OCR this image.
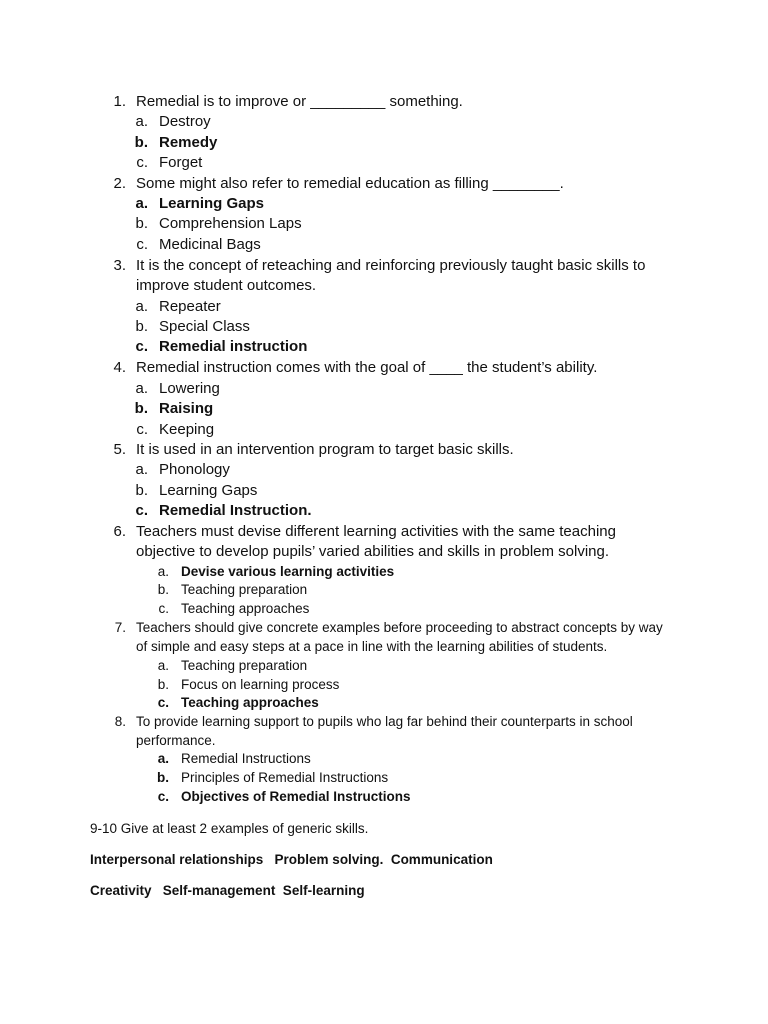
1. Remedial is to improve or _________ something.
a. Destroy
b. Remedy
c. Forget
2. Some might also refer to remedial education as filling ________.
a. Learning Gaps
b. Comprehension Laps
c. Medicinal Bags
3. It is the concept of reteaching and reinforcing previously taught basic skills to
improve student outcomes.
a. Repeater
b. Special Class
c. Remedial instruction
4. Remedial instruction comes with the goal of ____ the student’s ability.
a. Lowering
b. Raising
c. Keeping
5. It is used in an intervention program to target basic skills.
a. Phonology
b. Learning Gaps
c. Remedial Instruction.
6. Teachers must devise different learning activities with the same teaching
objective to develop pupils’ varied abilities and skills in problem solving.
a. Devise various learning activities
b. Teaching preparation
c. Teaching approaches
7. Teachers should give concrete examples before proceeding to abstract concepts by way
of simple and easy steps at a pace in line with the learning abilities of students.
a. Teaching preparation
b. Focus on learning process
c. Teaching approaches
8. To provide learning support to pupils who lag far behind their counterparts in school
performance.
a. Remedial Instructions
b. Principles of Remedial Instructions
c. Objectives of Remedial Instructions
9-10 Give at least 2 examples of generic skills.
Interpersonal relationships   Problem solving.  Communication
Creativity   Self-management  Self-learning
